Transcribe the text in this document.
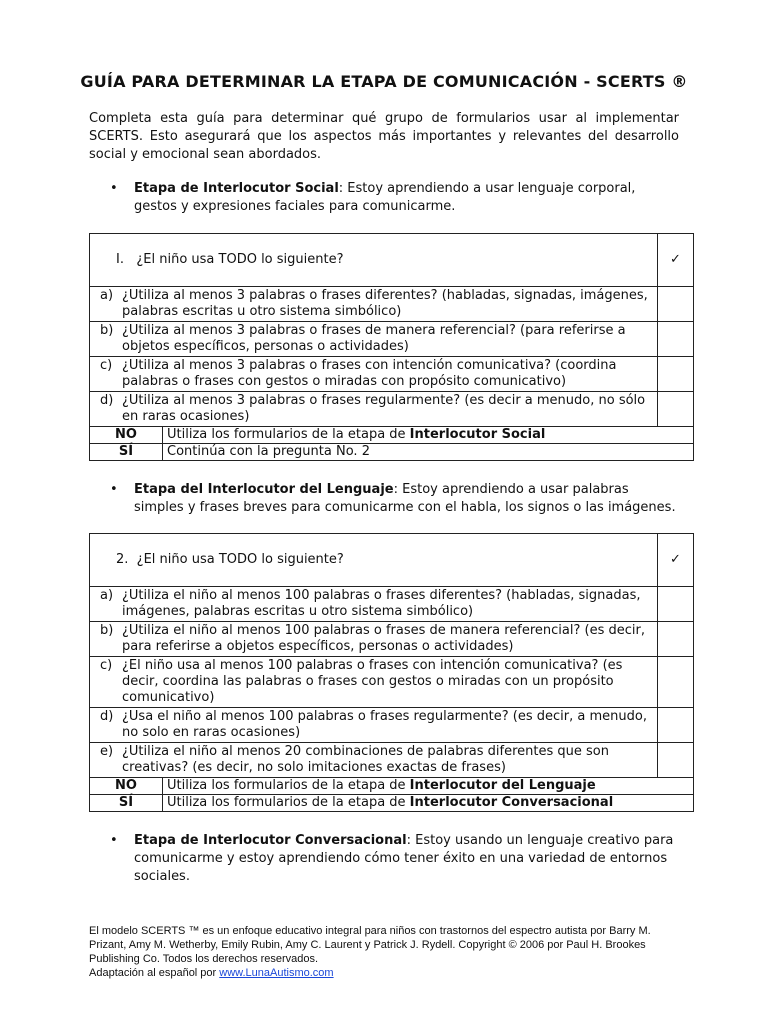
GUÍA PARA DETERMINAR LA ETAPA DE COMUNICACIÓN - SCERTS ®
Completa esta guía para determinar qué grupo de formularios usar al implementar SCERTS. Esto asegurará que los aspectos más importantes y relevantes del desarrollo social y emocional sean abordados.
•	Etapa de Interlocutor Social: Estoy aprendiendo a usar lenguaje corporal, gestos y expresiones faciales para comunicarme.
I. ¿El niño usa TODO lo siguiente?		✓

a) ¿Utiliza al menos 3 palabras o frases diferentes? (habladas, signadas, imágenes, palabras escritas u otro sistema simbólico)		

b) ¿Utiliza al menos 3 palabras o frases de manera referencial? (para referirse a objetos específicos, personas o actividades)		

c) ¿Utiliza al menos 3 palabras o frases con intención comunicativa? (coordina palabras o frases con gestos o miradas con propósito comunicativo)		

d) ¿Utiliza al menos 3 palabras o frases regularmente? (es decir a menudo, no sólo en raras ocasiones)		

NO	Utiliza los formularios de la etapa de Interlocutor Social	
SÍ	Continúa con la pregunta No. 2	
•	Etapa del Interlocutor del Lenguaje: Estoy aprendiendo a usar palabras simples y frases breves para comunicarme con el habla, los signos o las imágenes.
2. ¿El niño usa TODO lo siguiente?		✓

a) ¿Utiliza el niño al menos 100 palabras o frases diferentes? (habladas, signadas, imágenes, palabras escritas u otro sistema simbólico)		

b) ¿Utiliza el niño al menos 100 palabras o frases de manera referencial? (es decir, para referirse a objetos específicos, personas o actividades)		

c) ¿El niño usa al menos 100 palabras o frases con intención comunicativa? (es decir, coordina las palabras o frases con gestos o miradas con un propósito comunicativo)		

d) ¿Usa el niño al menos 100 palabras o frases regularmente? (es decir, a menudo, no solo en raras ocasiones)		

e) ¿Utiliza el niño al menos 20 combinaciones de palabras diferentes que son creativas? (es decir, no solo imitaciones exactas de frases)		

NO	Utiliza los formularios de la etapa de Interlocutor del Lenguaje	
SÍ	Utiliza los formularios de la etapa de Interlocutor Conversacional	
•	Etapa de Interlocutor Conversacional: Estoy usando un lenguaje creativo para comunicarme y estoy aprendiendo cómo tener éxito en una variedad de entornos sociales.
El modelo SCERTS ™ es un enfoque educativo integral para niños con trastornos del espectro autista por Barry M. Prizant, Amy M. Wetherby, Emily Rubin, Amy C. Laurent y Patrick J. Rydell. Copyright © 2006 por Paul H. Brookes Publishing Co. Todos los derechos reservados.
Adaptación al español por www.LunaAutismo.com
